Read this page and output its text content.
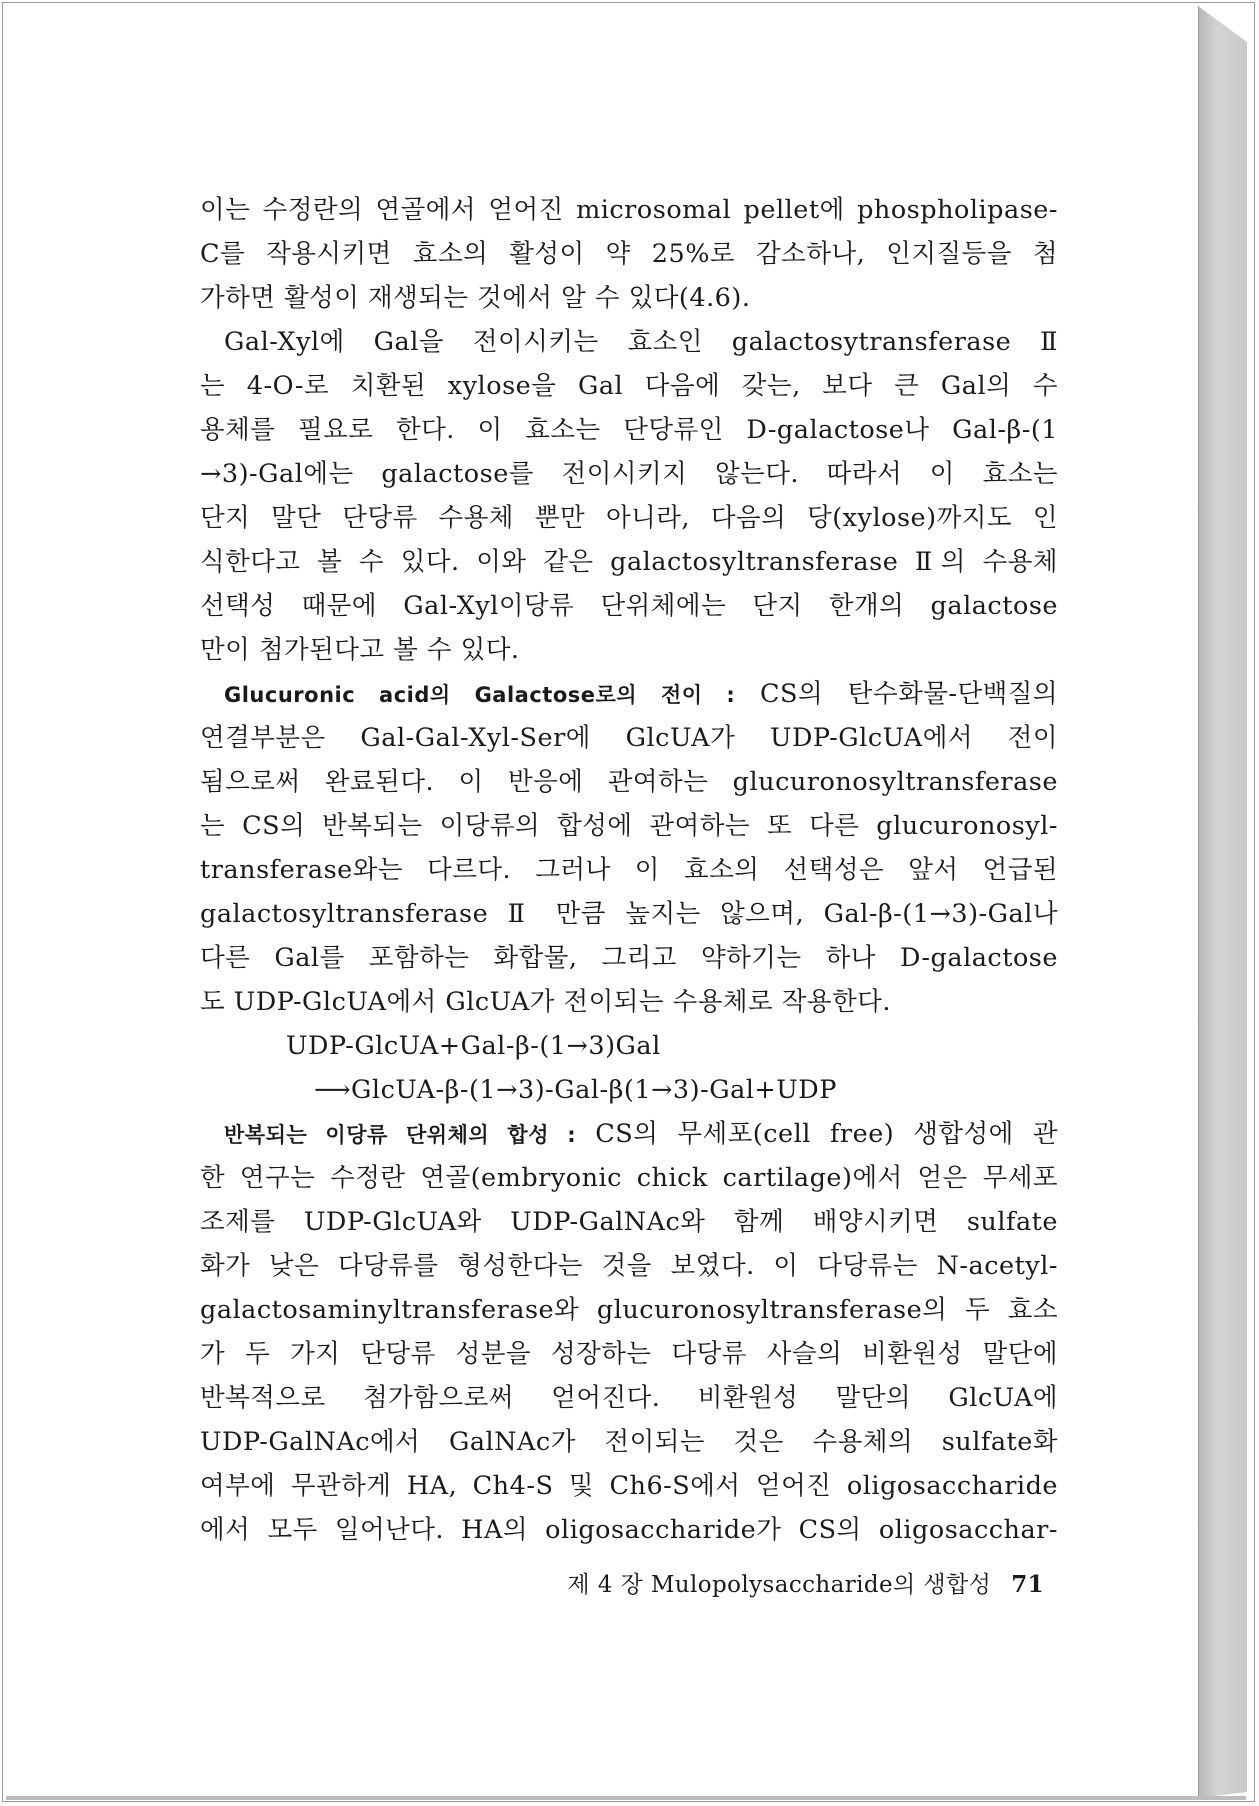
이는 수정란의 연골에서 얻어진 microsomal pellet에 phospholipase-
C를 작용시키면 효소의 활성이 약 25%로 감소하나, 인지질등을 첨
가하면 활성이 재생되는 것에서 알 수 있다(4.6).
Gal-Xyl에 Gal을 전이시키는 효소인 galactosytransferase Ⅱ
는 4-O-로 치환된 xylose을 Gal 다음에 갖는, 보다 큰 Gal의 수
용체를 필요로 한다. 이 효소는 단당류인 D-galactose나 Gal-β-(1
→3)-Gal에는 galactose를 전이시키지 않는다. 따라서 이 효소는
단지 말단 단당류 수용체 뿐만 아니라, 다음의 당(xylose)까지도 인
식한다고 볼 수 있다. 이와 같은 galactosyltransferase Ⅱ의 수용체
선택성 때문에 Gal-Xyl이당류 단위체에는 단지 한개의 galactose
만이 첨가된다고 볼 수 있다.
Glucuronic acid의 Galactose로의 전이 : CS의 탄수화물-단백질의
연결부분은 Gal-Gal-Xyl-Ser에 GlcUA가 UDP-GlcUA에서 전이
됨으로써 완료된다. 이 반응에 관여하는 glucuronosyltransferase
는 CS의 반복되는 이당류의 합성에 관여하는 또 다른 glucuronosyl-
transferase와는 다르다. 그러나 이 효소의 선택성은 앞서 언급된
galactosyltransferase Ⅱ 만큼 높지는 않으며, Gal-β-(1→3)-Gal나
다른 Gal를 포함하는 화합물, 그리고 약하기는 하나 D-galactose
도 UDP-GlcUA에서 GlcUA가 전이되는 수용체로 작용한다.
UDP-GlcUA+Gal-β-(1→3)Gal
⟶GlcUA-β-(1→3)-Gal-β(1→3)-Gal+UDP
반복되는 이당류 단위체의 합성 : CS의 무세포(cell free) 생합성에 관
한 연구는 수정란 연골(embryonic chick cartilage)에서 얻은 무세포
조제를 UDP-GlcUA와 UDP-GalNAc와 함께 배양시키면 sulfate
화가 낮은 다당류를 형성한다는 것을 보였다. 이 다당류는 N-acetyl-
galactosaminyltransferase와 glucuronosyltransferase의 두 효소
가 두 가지 단당류 성분을 성장하는 다당류 사슬의 비환원성 말단에
반복적으로 첨가함으로써 얻어진다. 비환원성 말단의 GlcUA에
UDP-GalNAc에서 GalNAc가 전이되는 것은 수용체의 sulfate화
여부에 무관하게 HA, Ch4-S 및 Ch6-S에서 얻어진 oligosaccharide
에서 모두 일어난다. HA의 oligosaccharide가 CS의 oligosacchar-
제 4 장 Mulopolysaccharide의 생합성 71
